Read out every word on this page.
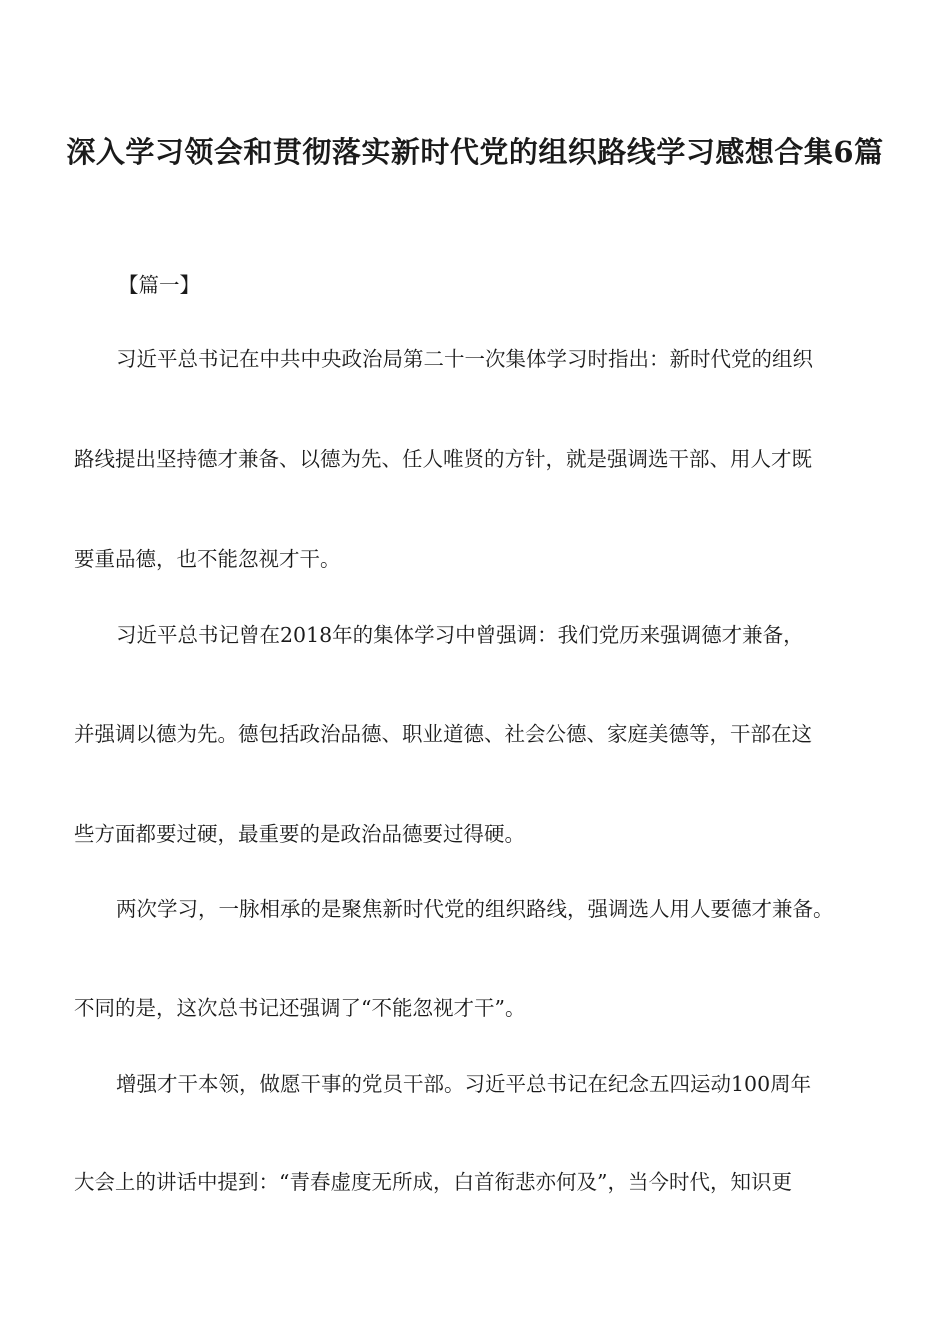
深入学习领会和贯彻落实新时代党的组织路线学习感想合集6篇
【篇一】
习近平总书记在中共中央政治局第二十一次集体学习时指出：新时代党的组织
路线提出坚持德才兼备、以德为先、任人唯贤的方针，就是强调选干部、用人才既
要重品德，也不能忽视才干。
习近平总书记曾在2018年的集体学习中曾强调：我们党历来强调德才兼备，
并强调以德为先。德包括政治品德、职业道德、社会公德、家庭美德等，干部在这
些方面都要过硬，最重要的是政治品德要过得硬。
两次学习，一脉相承的是聚焦新时代党的组织路线，强调选人用人要德才兼备。
不同的是，这次总书记还强调了“不能忽视才干”。
增强才干本领，做愿干事的党员干部。习近平总书记在纪念五四运动100周年
大会上的讲话中提到：“青春虚度无所成，白首衔悲亦何及”，当今时代，知识更
